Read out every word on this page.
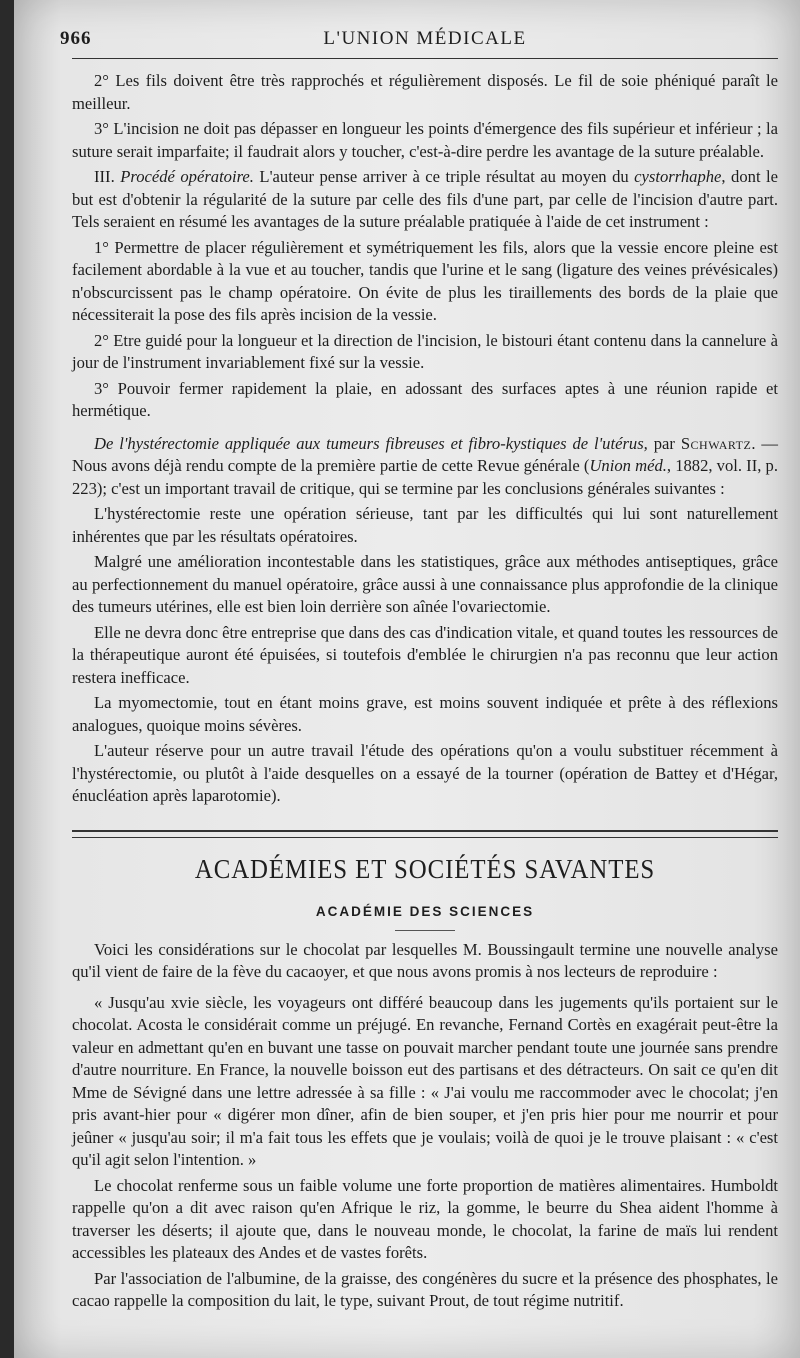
966	L'UNION MÉDICALE

2° Les fils doivent être très rapprochés et régulièrement disposés. Le fil de soie phéniqué paraît le meilleur.

3° L'incision ne doit pas dépasser en longueur les points d'émergence des fils supérieur et inférieur ; la suture serait imparfaite; il faudrait alors y toucher, c'est-à-dire perdre les avantage de la suture préalable.

III. Procédé opératoire. L'auteur pense arriver à ce triple résultat au moyen du cystorrhaphe, dont le but est d'obtenir la régularité de la suture par celle des fils d'une part, par celle de l'incision d'autre part. Tels seraient en résumé les avantages de la suture préalable pratiquée à l'aide de cet instrument :

1° Permettre de placer régulièrement et symétriquement les fils, alors que la vessie encore pleine est facilement abordable à la vue et au toucher, tandis que l'urine et le sang (ligature des veines prévésicales) n'obscurcissent pas le champ opératoire. On évite de plus les tiraillements des bords de la plaie que nécessiterait la pose des fils après incision de la vessie.

2° Etre guidé pour la longueur et la direction de l'incision, le bistouri étant contenu dans la cannelure à jour de l'instrument invariablement fixé sur la vessie.

3° Pouvoir fermer rapidement la plaie, en adossant des surfaces aptes à une réunion rapide et hermétique.

De l'hystérectomie appliquée aux tumeurs fibreuses et fibro-kystiques de l'utérus, par Schwartz. — Nous avons déjà rendu compte de la première partie de cette Revue générale (Union méd., 1882, vol. II, p. 223); c'est un important travail de critique, qui se termine par les conclusions générales suivantes :

L'hystérectomie reste une opération sérieuse, tant par les difficultés qui lui sont naturellement inhérentes que par les résultats opératoires.

Malgré une amélioration incontestable dans les statistiques, grâce aux méthodes antiseptiques, grâce au perfectionnement du manuel opératoire, grâce aussi à une connaissance plus approfondie de la clinique des tumeurs utérines, elle est bien loin derrière son aînée l'ovariectomie.

Elle ne devra donc être entreprise que dans des cas d'indication vitale, et quand toutes les ressources de la thérapeutique auront été épuisées, si toutefois d'emblée le chirurgien n'a pas reconnu que leur action restera inefficace.

La myomectomie, tout en étant moins grave, est moins souvent indiquée et prête à des réflexions analogues, quoique moins sévères.

L'auteur réserve pour un autre travail l'étude des opérations qu'on a voulu substituer récemment à l'hystérectomie, ou plutôt à l'aide desquelles on a essayé de la tourner (opération de Battey et d'Hégar, énucléation après laparotomie).

ACADÉMIES ET SOCIÉTÉS SAVANTES
ACADÉMIE DES SCIENCES

Voici les considérations sur le chocolat par lesquelles M. Boussingault termine une nouvelle analyse qu'il vient de faire de la fève du cacaoyer, et que nous avons promis à nos lecteurs de reproduire :

« Jusqu'au xvie siècle, les voyageurs ont différé beaucoup dans les jugements qu'ils portaient sur le chocolat. Acosta le considérait comme un préjugé. En revanche, Fernand Cortès en exagérait peut-être la valeur en admettant qu'en en buvant une tasse on pouvait marcher pendant toute une journée sans prendre d'autre nourriture. En France, la nouvelle boisson eut des partisans et des détracteurs. On sait ce qu'en dit Mme de Sévigné dans une lettre adressée à sa fille : « J'ai voulu me raccommoder avec le chocolat; j'en pris avant-hier pour « digérer mon dîner, afin de bien souper, et j'en pris hier pour me nourrir et pour jeûner « jusqu'au soir; il m'a fait tous les effets que je voulais; voilà de quoi je le trouve plaisant : « c'est qu'il agit selon l'intention. »

Le chocolat renferme sous un faible volume une forte proportion de matières alimentaires. Humboldt rappelle qu'on a dit avec raison qu'en Afrique le riz, la gomme, le beurre du Shea aident l'homme à traverser les déserts; il ajoute que, dans le nouveau monde, le chocolat, la farine de maïs lui rendent accessibles les plateaux des Andes et de vastes forêts.

Par l'association de l'albumine, de la graisse, des congénères du sucre et la présence des phosphates, le cacao rappelle la composition du lait, le type, suivant Prout, de tout régime nutritif.
